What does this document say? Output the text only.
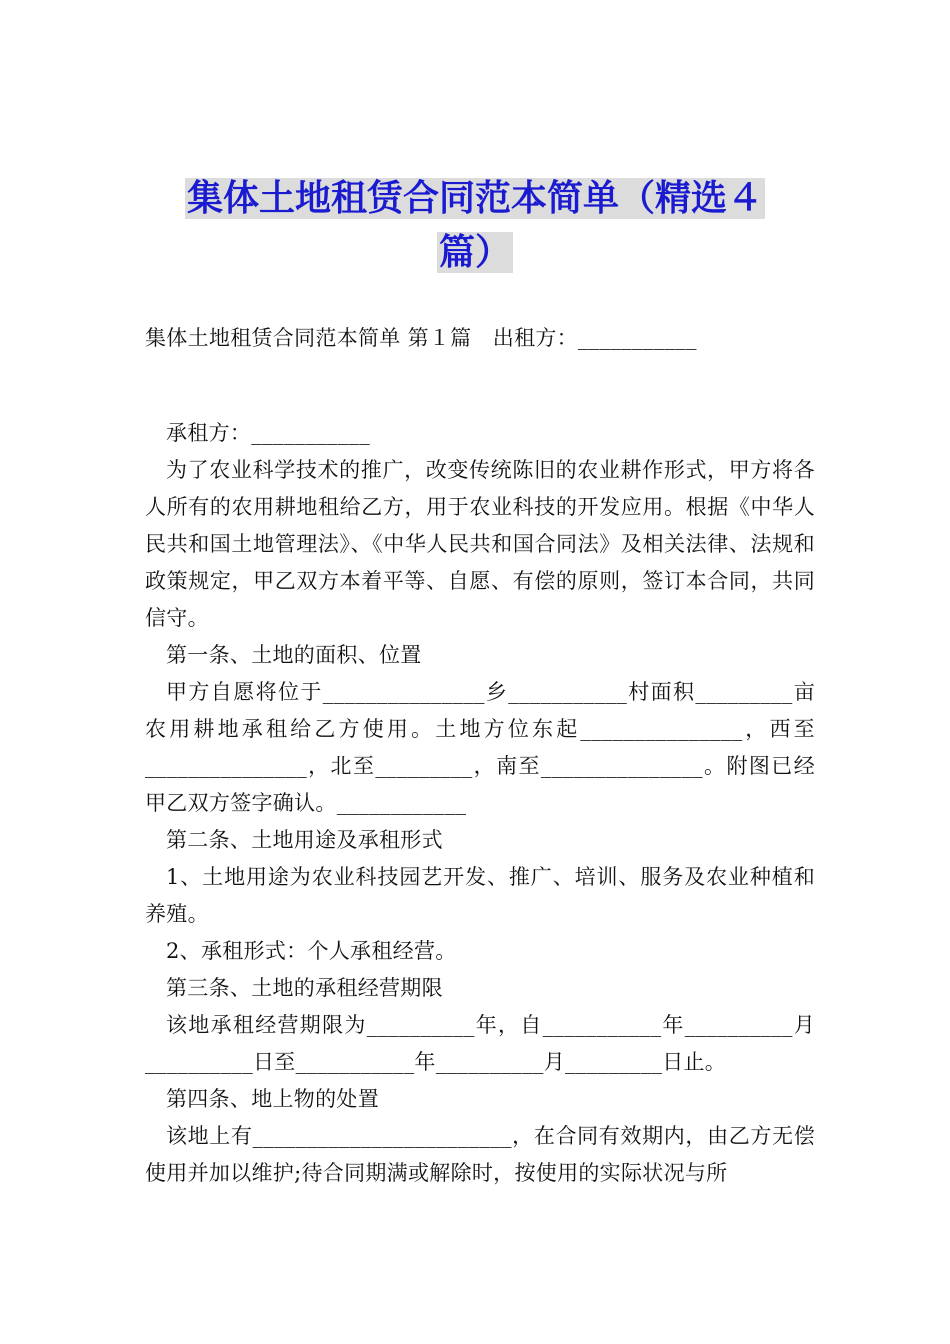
集体土地租赁合同范本简单（精选４
篇）

集体土地租赁合同范本简单 第１篇　出租方：___________

承租方：___________

为了农业科学技术的推广，改变传统陈旧的农业耕作形式，甲方将各人所有的农用耕地租给乙方，用于农业科技的开发应用。根据《中华人民共和国土地管理法》、《中华人民共和国合同法》及相关法律、法规和政策规定，甲乙双方本着平等、自愿、有偿的原则，签订本合同，共同信守。

第一条、土地的面积、位置

甲方自愿将位于_______________乡___________村面积_________亩农用耕地承租给乙方使用。土地方位东起_______________，西至_______________，北至_________，南至_______________。附图已经甲乙双方签字确认。____________

第二条、土地用途及承租形式

1、土地用途为农业科技园艺开发、推广、培训、服务及农业种植和养殖。

2、承租形式：个人承租经营。

第三条、土地的承租经营期限

该地承租经营期限为__________年，自___________年__________月__________日至___________年__________月_________日止。

第四条、地上物的处置

该地上有________________________，在合同有效期内，由乙方无偿使用并加以维护;待合同期满或解除时，按使用的实际状况与所
